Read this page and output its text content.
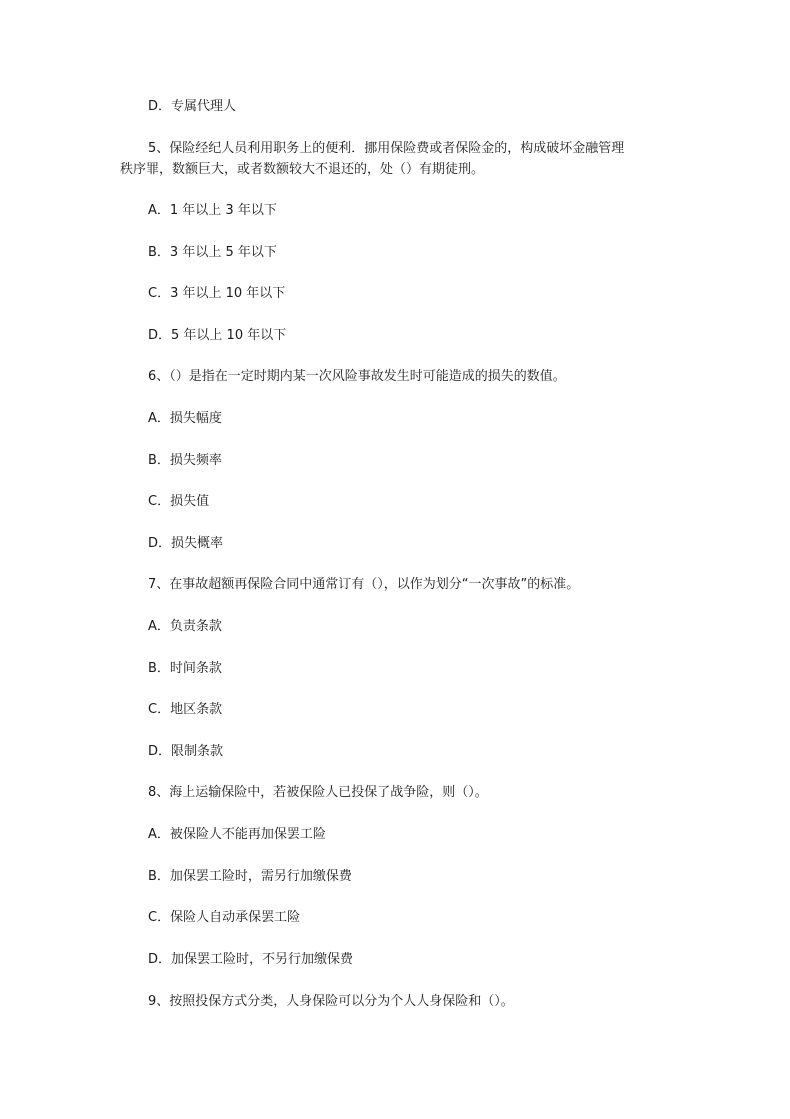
D．专属代理人

5、保险经纪人员利用职务上的便利．挪用保险费或者保险金的，构成破坏金融管理

秩序罪，数额巨大，或者数额较大不退还的，处（）有期徒刑。

A．1 年以上 3 年以下

B．3 年以上 5 年以下

C．3 年以上 10 年以下

D．5 年以上 10 年以下

6、（）是指在一定时期内某一次风险事故发生时可能造成的损失的数值。

A．损失幅度

B．损失频率

C．损失值

D．损失概率

7、在事故超额再保险合同中通常订有（），以作为划分“一次事故”的标准。

A．负责条款

B．时间条款

C．地区条款

D．限制条款

8、海上运输保险中，若被保险人已投保了战争险，则（）。

A．被保险人不能再加保罢工险

B．加保罢工险时，需另行加缴保费

C．保险人自动承保罢工险

D．加保罢工险时，不另行加缴保费

9、按照投保方式分类，人身保险可以分为个人人身保险和（）。
